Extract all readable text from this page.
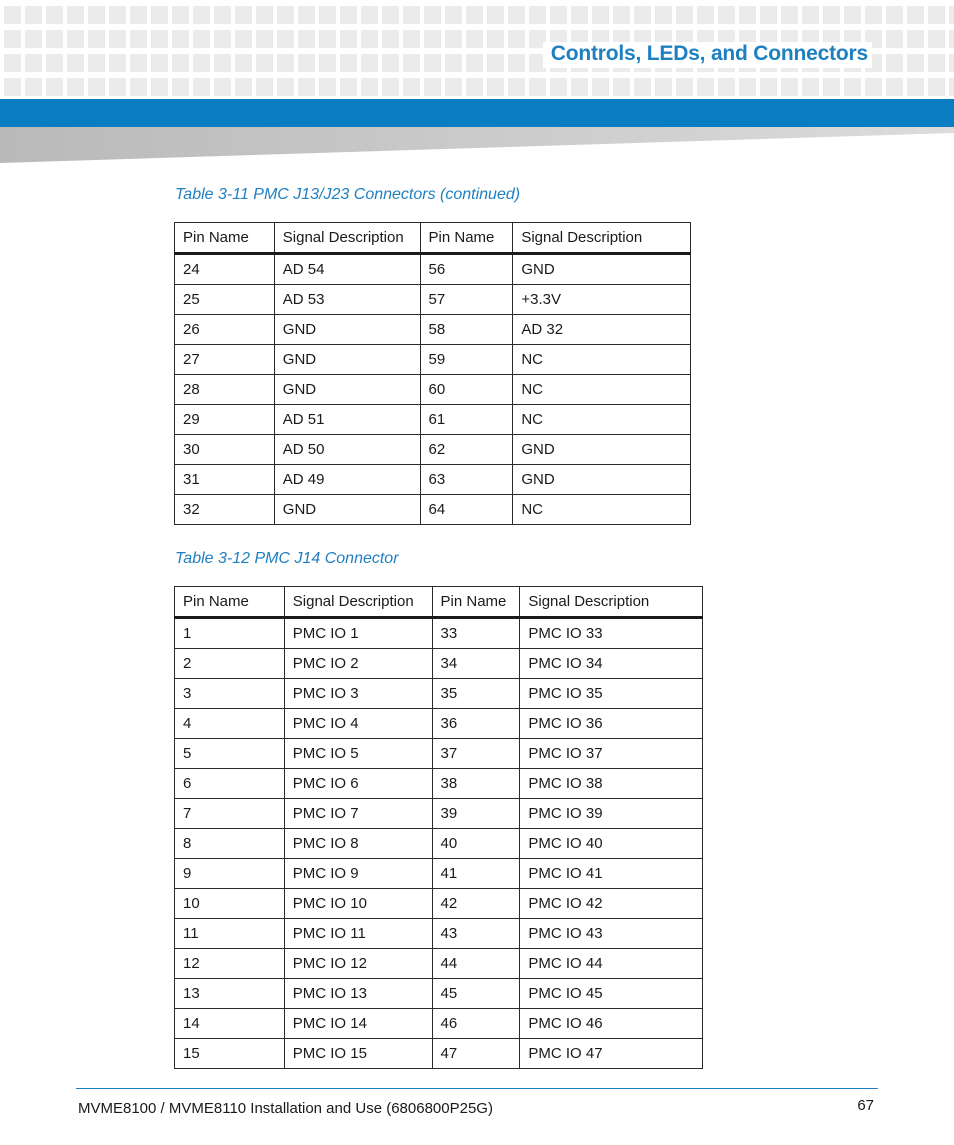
Controls, LEDs, and Connectors
Table 3-11 PMC J13/J23 Connectors (continued)
Pin Name	Signal Description	Pin Name	Signal Description
24	AD 54	56	GND
25	AD 53	57	+3.3V
26	GND	58	AD 32
27	GND	59	NC
28	GND	60	NC
29	AD 51	61	NC
30	AD 50	62	GND
31	AD 49	63	GND
32	GND	64	NC
Table 3-12 PMC J14 Connector
Pin Name	Signal Description	Pin Name	Signal Description
1	PMC IO 1	33	PMC IO 33
2	PMC IO 2	34	PMC IO 34
3	PMC IO 3	35	PMC IO 35
4	PMC IO 4	36	PMC IO 36
5	PMC IO 5	37	PMC IO 37
6	PMC IO 6	38	PMC IO 38
7	PMC IO 7	39	PMC IO 39
8	PMC IO 8	40	PMC IO 40
9	PMC IO 9	41	PMC IO 41
10	PMC IO 10	42	PMC IO 42
11	PMC IO 11	43	PMC IO 43
12	PMC IO 12	44	PMC IO 44
13	PMC IO 13	45	PMC IO 45
14	PMC IO 14	46	PMC IO 46
15	PMC IO 15	47	PMC IO 47
MVME8100 / MVME8110 Installation and Use (6806800P25G)	67
